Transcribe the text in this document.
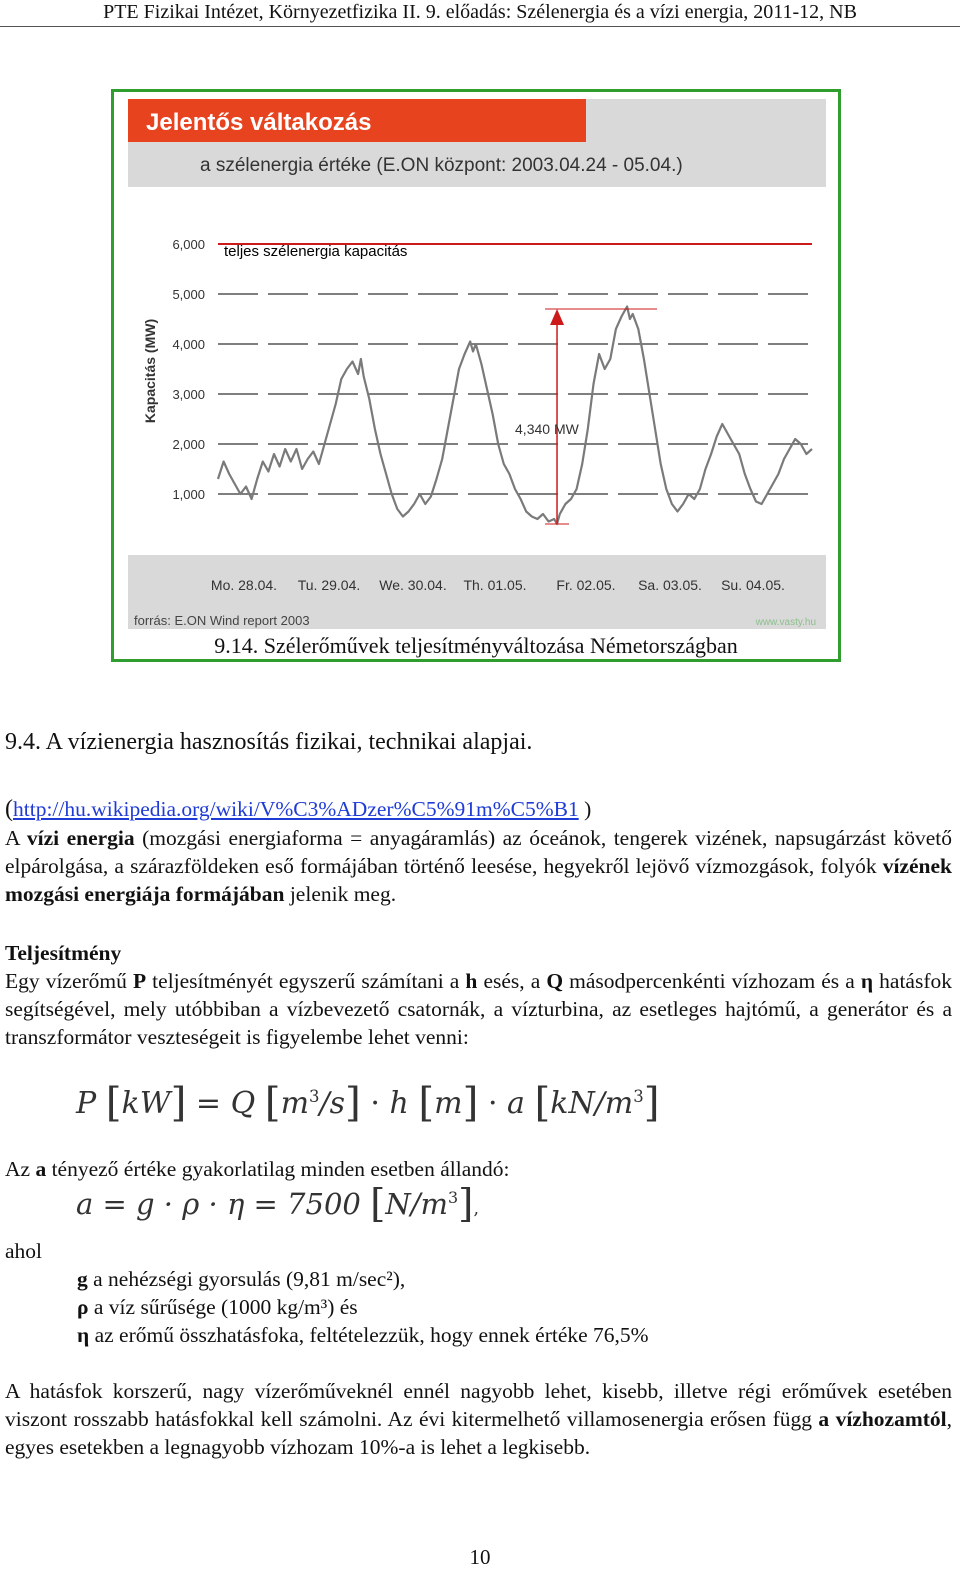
PTE Fizikai Intézet, Környezetfizika II. 9. előadás: Szélenergia és a vízi energia, 2011-12, NB
Jelentős váltakozás
a szélenergia értéke (E.ON központ: 2003.04.24 - 05.04.)
1,000
2,000
3,000
4,000
5,000
6,000
Kapacitás (MW)
teljes szélenergia kapacitás
4,340 MW
Mo. 28.04. Tu. 29.04. We. 30.04. Th. 01.05. Fr. 02.05. Sa. 03.05. Su. 04.05.
forrás: E.ON Wind report 2003	www.vasty.hu
9.14. Szélerőművek teljesítményváltozása Németországban
9.4. A vízienergia hasznosítás fizikai, technikai alapjai.
(http://hu.wikipedia.org/wiki/V%C3%ADzer%C5%91m%C5%B1 )
A vízi energia (mozgási energiaforma = anyagáramlás) az óceánok, tengerek vizének, napsugárzást követő elpárolgása, a szárazföldeken eső formájában történő leesése, hegyekről lejövő vízmozgások, folyók vízének mozgási energiája formájában jelenik meg.
Teljesítmény
Egy vízerőmű P teljesítményét egyszerű számítani a h esés, a Q másodpercenkénti vízhozam és a η hatásfok segítségével, mely utóbbiban a vízbevezető csatornák, a vízturbina, az esetleges hajtómű, a generátor és a transzformátor veszteségeit is figyelembe lehet venni:
P [kW] = Q $[m^3/s] \cdot h$ [m] · a $[kN/m^3]$
Az a tényező értéke gyakorlatilag minden esetben állandó:
a = g · ρ · η = 7500 $[N/m^3]$,
ahol
g a nehézségi gyorsulás (9,81 m/sec²),
ρ a víz sűrűsége (1000 kg/m³) és
η az erőmű összhatásfoka, feltételezzük, hogy ennek értéke 76,5%
A hatásfok korszerű, nagy vízerőműveknél ennél nagyobb lehet, kisebb, illetve régi erőművek esetében viszont rosszabb hatásfokkal kell számolni. Az évi kitermelhető villamosenergia erősen függ a vízhozamtól, egyes esetekben a legnagyobb vízhozam 10%-a is lehet a legkisebb.
10
